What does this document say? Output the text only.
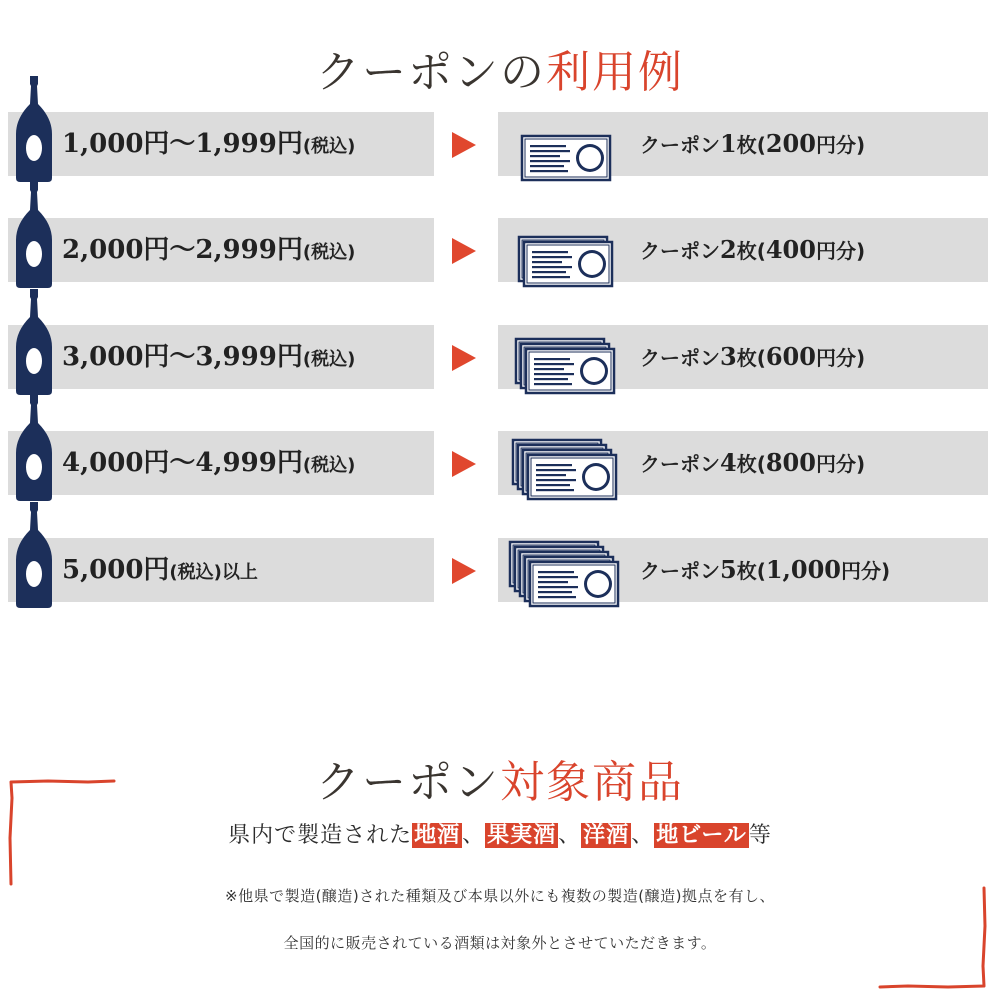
クーポンの利用例
1,000円〜1,999円(税込)	クーポン1枚(200円分)
2,000円〜2,999円(税込)	クーポン2枚(400円分)
3,000円〜3,999円(税込)	クーポン3枚(600円分)
4,000円〜4,999円(税込)	クーポン4枚(800円分)
5,000円(税込)以上	クーポン5枚(1,000円分)
クーポン対象商品
県内で製造された地酒、果実酒、洋酒、地ビール等
※他県で製造(醸造)された種類及び本県以外にも複数の製造(醸造)拠点を有し、
全国的に販売されている酒類は対象外とさせていただきます。
